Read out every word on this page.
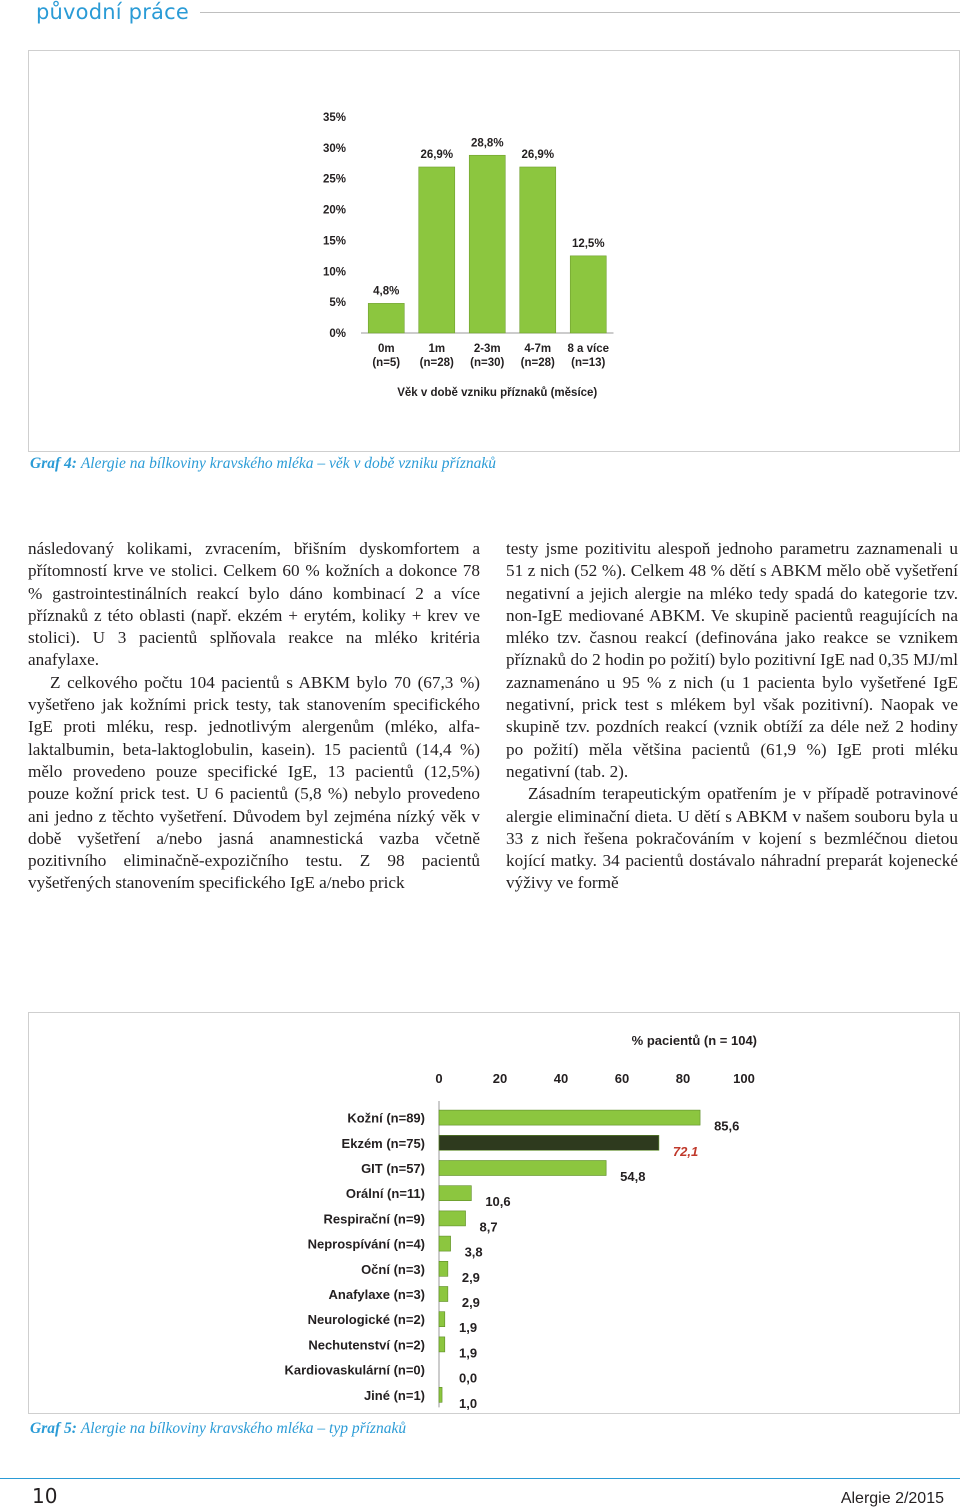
původní práce
0%
5%
10%
15%
20%
25%
30%
35%
4,8%
0m
(n=5)
26,9%
1m
(n=28)
28,8%
2-3m
(n=30)
26,9%
4-7m
(n=28)
12,5%
8 a více
(n=13)
Věk v době vzniku příznaků (měsíce)
Graf 4: Alergie na bílkoviny kravského mléka – věk v době vzniku příznaků

následovaný kolikami, zvracením, břišním dyskomfortem a přítomností krve ve stolici. Celkem 60 % kožních a dokonce 78 % gastrointestinálních reakcí bylo dáno kombinací 2 a více příznaků z této oblasti (např. ekzém + erytém, koliky + krev ve stolici). U 3 pacientů splňovala reakce na mléko kritéria anafylaxe.

Z celkového počtu 104 pacientů s ABKM bylo 70 (67,3 %) vyšetřeno jak kožními prick testy, tak stanovením specifického IgE proti mléku, resp. jednotlivým alergenům (mléko, alfa-laktalbumin, beta-laktoglobulin, kasein). 15 pacientů (14,4 %) mělo provedeno pouze specifické IgE, 13 pacientů (12,5%) pouze kožní prick test. U 6 pacientů (5,8 %) nebylo provedeno ani jedno z těchto vyšetření. Důvodem byl zejména nízký věk v době vyšetření a/nebo jasná anamnestická vazba včetně pozitivního eliminačně-expozičního testu. Z 98 pacientů vyšetřených stanovením specifického IgE a/nebo prick

testy jsme pozitivitu alespoň jednoho parametru zaznamenali u 51 z nich (52 %). Celkem 48 % dětí s ABKM mělo obě vyšetření negativní a jejich alergie na mléko tedy spadá do kategorie tzv. non-IgE mediované ABKM. Ve skupině pacientů reagujících na mléko tzv. časnou reakcí (definována jako reakce se vznikem příznaků do 2 hodin po požití) bylo pozitivní IgE nad 0,35 MJ/ml zaznamenáno u 95 % z nich (u 1 pacienta bylo vyšetřené IgE negativní, prick test s mlékem byl však pozitivní). Naopak ve skupině tzv. pozdních reakcí (vznik obtíží za déle než 2 hodiny po požití) měla většina pacientů (61,9 %) IgE proti mléku negativní (tab. 2).

Zásadním terapeutickým opatřením je v případě potravinové alergie eliminační dieta. U dětí s ABKM v našem souboru byla u 33 z nich řešena pokračováním v kojení s bezmléčnou dietou kojící matky. 34 pacientů dostávalo náhradní preparát kojenecké výživy ve formě

% pacientů (n = 104)
0	20	40	60	80	100
Kožní (n=89)
85,6
Ekzém (n=75)
72,1
GIT (n=57)
54,8
Orální (n=11)
10,6
Respirační (n=9)
8,7
Neprospívání (n=4)
3,8
Oční (n=3)
2,9
Anafylaxe (n=3)
2,9
Neurologické (n=2)
1,9
Nechutenství (n=2)
1,9
Kardiovaskulární (n=0)
0,0
Jiné (n=1)
1,0
Graf 5: Alergie na bílkoviny kravského mléka – typ příznaků
10	Alergie 2/2015
